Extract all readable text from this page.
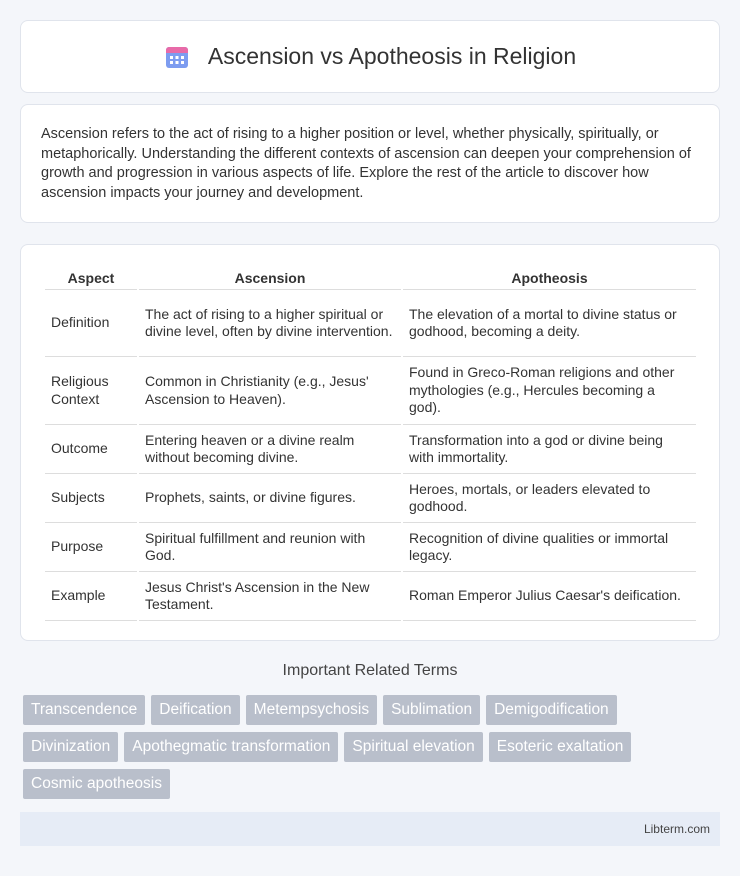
Ascension vs Apotheosis in Religion

Ascension refers to the act of rising to a higher position or level, whether physically, spiritually, or metaphorically. Understanding the different contexts of ascension can deepen your comprehension of growth and progression in various aspects of life. Explore the rest of the article to discover how ascension impacts your journey and development.

Aspect	Ascension	Apotheosis
Definition	The act of rising to a higher spiritual or divine level, often by divine intervention.	The elevation of a mortal to divine status or godhood, becoming a deity.
Religious Context	Common in Christianity (e.g., Jesus' Ascension to Heaven).	Found in Greco-Roman religions and other mythologies (e.g., Hercules becoming a god).
Outcome	Entering heaven or a divine realm without becoming divine.	Transformation into a god or divine being with immortality.
Subjects	Prophets, saints, or divine figures.	Heroes, mortals, or leaders elevated to godhood.
Purpose	Spiritual fulfillment and reunion with God.	Recognition of divine qualities or immortal legacy.
Example	Jesus Christ's Ascension in the New Testament.	Roman Emperor Julius Caesar's deification.
Important Related Terms
Transcendence	Deification	Metempsychosis	Sublimation	Demigodification
Divinization	Apothegmatic transformation	Spiritual elevation	Esoteric exaltation
Cosmic apotheosis
Libterm.com
